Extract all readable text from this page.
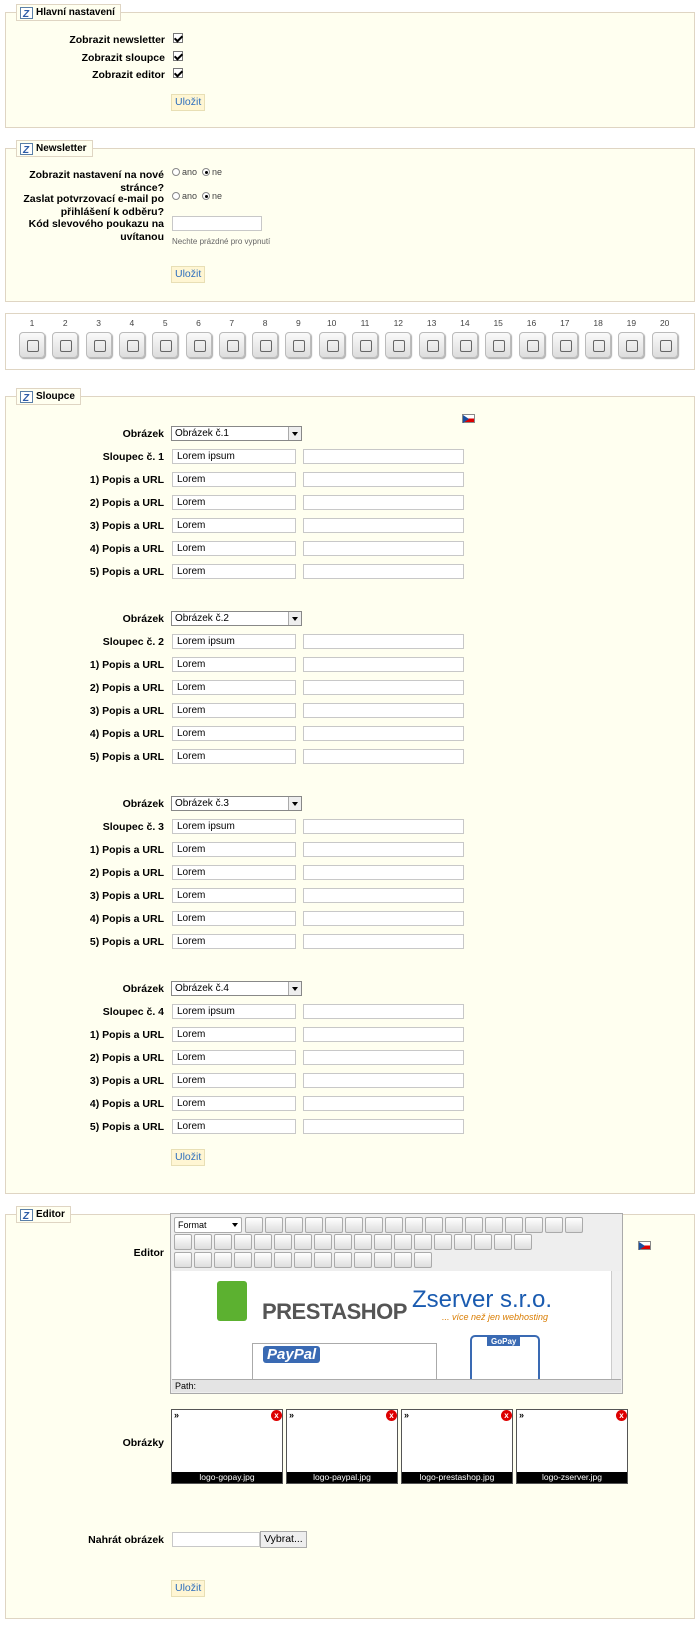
Z
Hlavní nastavení
Zobrazit newsletter
Zobrazit sloupce
Zobrazit editor
Uložit
Z
Newsletter
Zobrazit nastavení na nové
stránce?
ano ne
Zaslat potvrzovací e-mail po
přihlášení k odběru?
ano ne
Kód slevového poukazu na
uvítanou Nechte prázdné pro vypnutí
Uložit
1	2	3	4	5	6	7	8	9	10	11	12	13	14	15	16	17	18	19	20
Z
Sloupce
Uložit
Obrázek	Obrázek č.1
Sloupec č. 1	Lorem ipsum
1) Popis a URL	Lorem
2) Popis a URL	Lorem
3) Popis a URL	Lorem
4) Popis a URL	Lorem
5) Popis a URL	Lorem
Obrázek	Obrázek č.2
Sloupec č. 2	Lorem ipsum
1) Popis a URL	Lorem
2) Popis a URL	Lorem
3) Popis a URL	Lorem
4) Popis a URL	Lorem
5) Popis a URL	Lorem
Obrázek	Obrázek č.3
Sloupec č. 3	Lorem ipsum
1) Popis a URL	Lorem
2) Popis a URL	Lorem
3) Popis a URL	Lorem
4) Popis a URL	Lorem
5) Popis a URL	Lorem
Obrázek	Obrázek č.4
Sloupec č. 4	Lorem ipsum
1) Popis a URL	Lorem
2) Popis a URL	Lorem
3) Popis a URL	Lorem
4) Popis a URL	Lorem
5) Popis a URL	Lorem
Z
Editor
Editor
Obrázky
Nahrát obrázek	Vybrat...
Uložit
Format
PRESTASHOP Zserver s.r.o.
... více než jen webhosting
PayPal
GoPay
Path:
»	x
logo-gopay.jpg
»	x
logo-paypal.jpg
»	x
logo-prestashop.jpg
»	x
logo-zserver.jpg
